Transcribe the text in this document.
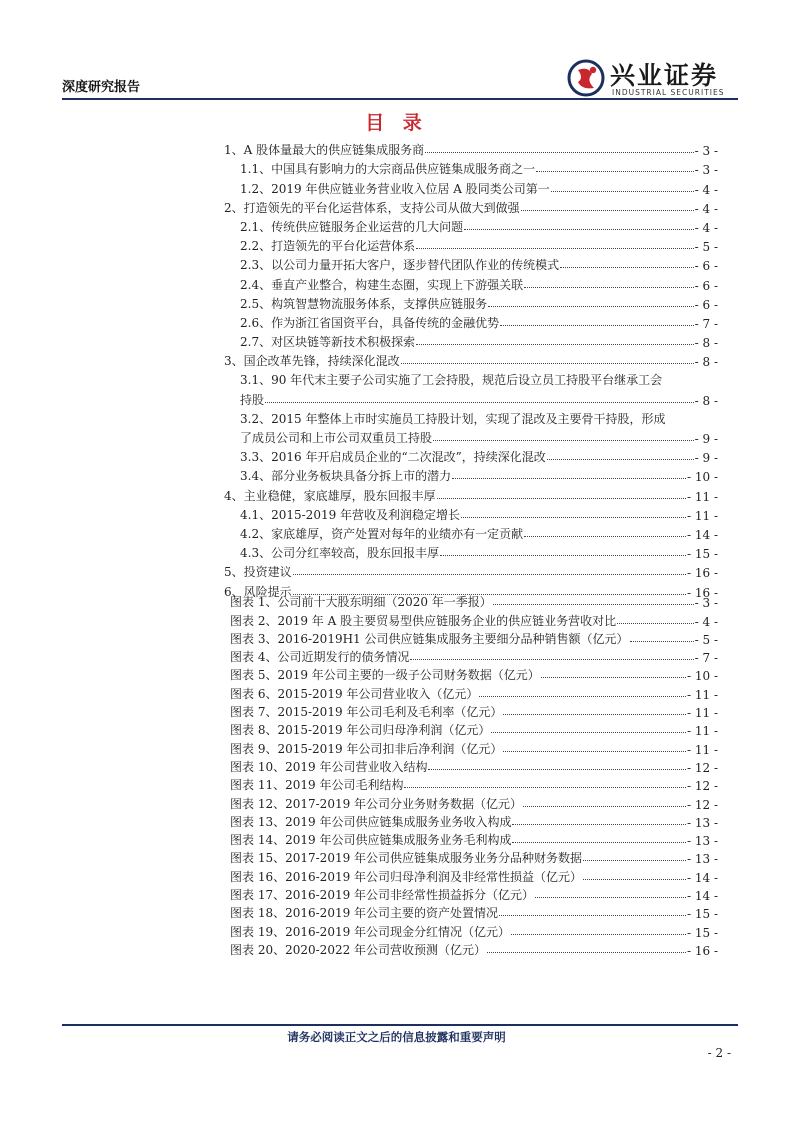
深度研究报告	兴业证券
INDUSTRIAL SECURITIES
目 录
1、A 股体量最大的供应链集成服务商	- 3 -
1.1、中国具有影响力的大宗商品供应链集成服务商之一	- 3 -
1.2、2019 年供应链业务营业收入位居 A 股同类公司第一	- 4 -
2、打造领先的平台化运营体系，支持公司从做大到做强	- 4 -
2.1、传统供应链服务企业运营的几大问题	- 4 -
2.2、打造领先的平台化运营体系	- 5 -
2.3、以公司力量开拓大客户，逐步替代团队作业的传统模式	- 6 -
2.4、垂直产业整合，构建生态圈，实现上下游强关联	- 6 -
2.5、构筑智慧物流服务体系，支撑供应链服务	- 6 -
2.6、作为浙江省国资平台，具备传统的金融优势	- 7 -
2.7、对区块链等新技术积极探索	- 8 -
3、国企改革先锋，持续深化混改	- 8 -
3.1、90 年代末主要子公司实施了工会持股，规范后设立员工持股平台继承工会
持股	- 8 -
3.2、2015 年整体上市时实施员工持股计划，实现了混改及主要骨干持股，形成
了成员公司和上市公司双重员工持股	- 9 -
3.3、2016 年开启成员企业的“二次混改”，持续深化混改	- 9 -
3.4、部分业务板块具备分拆上市的潜力	- 10 -
4、主业稳健，家底雄厚，股东回报丰厚	- 11 -
4.1、2015-2019 年营收及利润稳定增长	- 11 -
4.2、家底雄厚，资产处置对每年的业绩亦有一定贡献	- 14 -
4.3、公司分红率较高，股东回报丰厚	- 15 -
5、投资建议	- 16 -
6、风险提示	- 16 -
图表 1、公司前十大股东明细（2020 年一季报）	- 3 -
图表 2、2019 年 A 股主要贸易型供应链服务企业的供应链业务营收对比	- 4 -
图表 3、2016-2019H1 公司供应链集成服务主要细分品种销售额（亿元）	- 5 -
图表 4、公司近期发行的债务情况	- 7 -
图表 5、2019 年公司主要的一级子公司财务数据（亿元）	- 10 -
图表 6、2015-2019 年公司营业收入（亿元）	- 11 -
图表 7、2015-2019 年公司毛利及毛利率（亿元）	- 11 -
图表 8、2015-2019 年公司归母净利润（亿元）	- 11 -
图表 9、2015-2019 年公司扣非后净利润（亿元）	- 11 -
图表 10、2019 年公司营业收入结构	- 12 -
图表 11、2019 年公司毛利结构	- 12 -
图表 12、2017-2019 年公司分业务财务数据（亿元）	- 12 -
图表 13、2019 年公司供应链集成服务业务收入构成	- 13 -
图表 14、2019 年公司供应链集成服务业务毛利构成	- 13 -
图表 15、2017-2019 年公司供应链集成服务业务分品种财务数据	- 13 -
图表 16、2016-2019 年公司归母净利润及非经常性损益（亿元）	- 14 -
图表 17、2016-2019 年公司非经常性损益拆分（亿元）	- 14 -
图表 18、2016-2019 年公司主要的资产处置情况	- 15 -
图表 19、2016-2019 年公司现金分红情况（亿元）	- 15 -
图表 20、2020-2022 年公司营收预测（亿元）	- 16 -
请务必阅读正文之后的信息披露和重要声明
- 2 -
